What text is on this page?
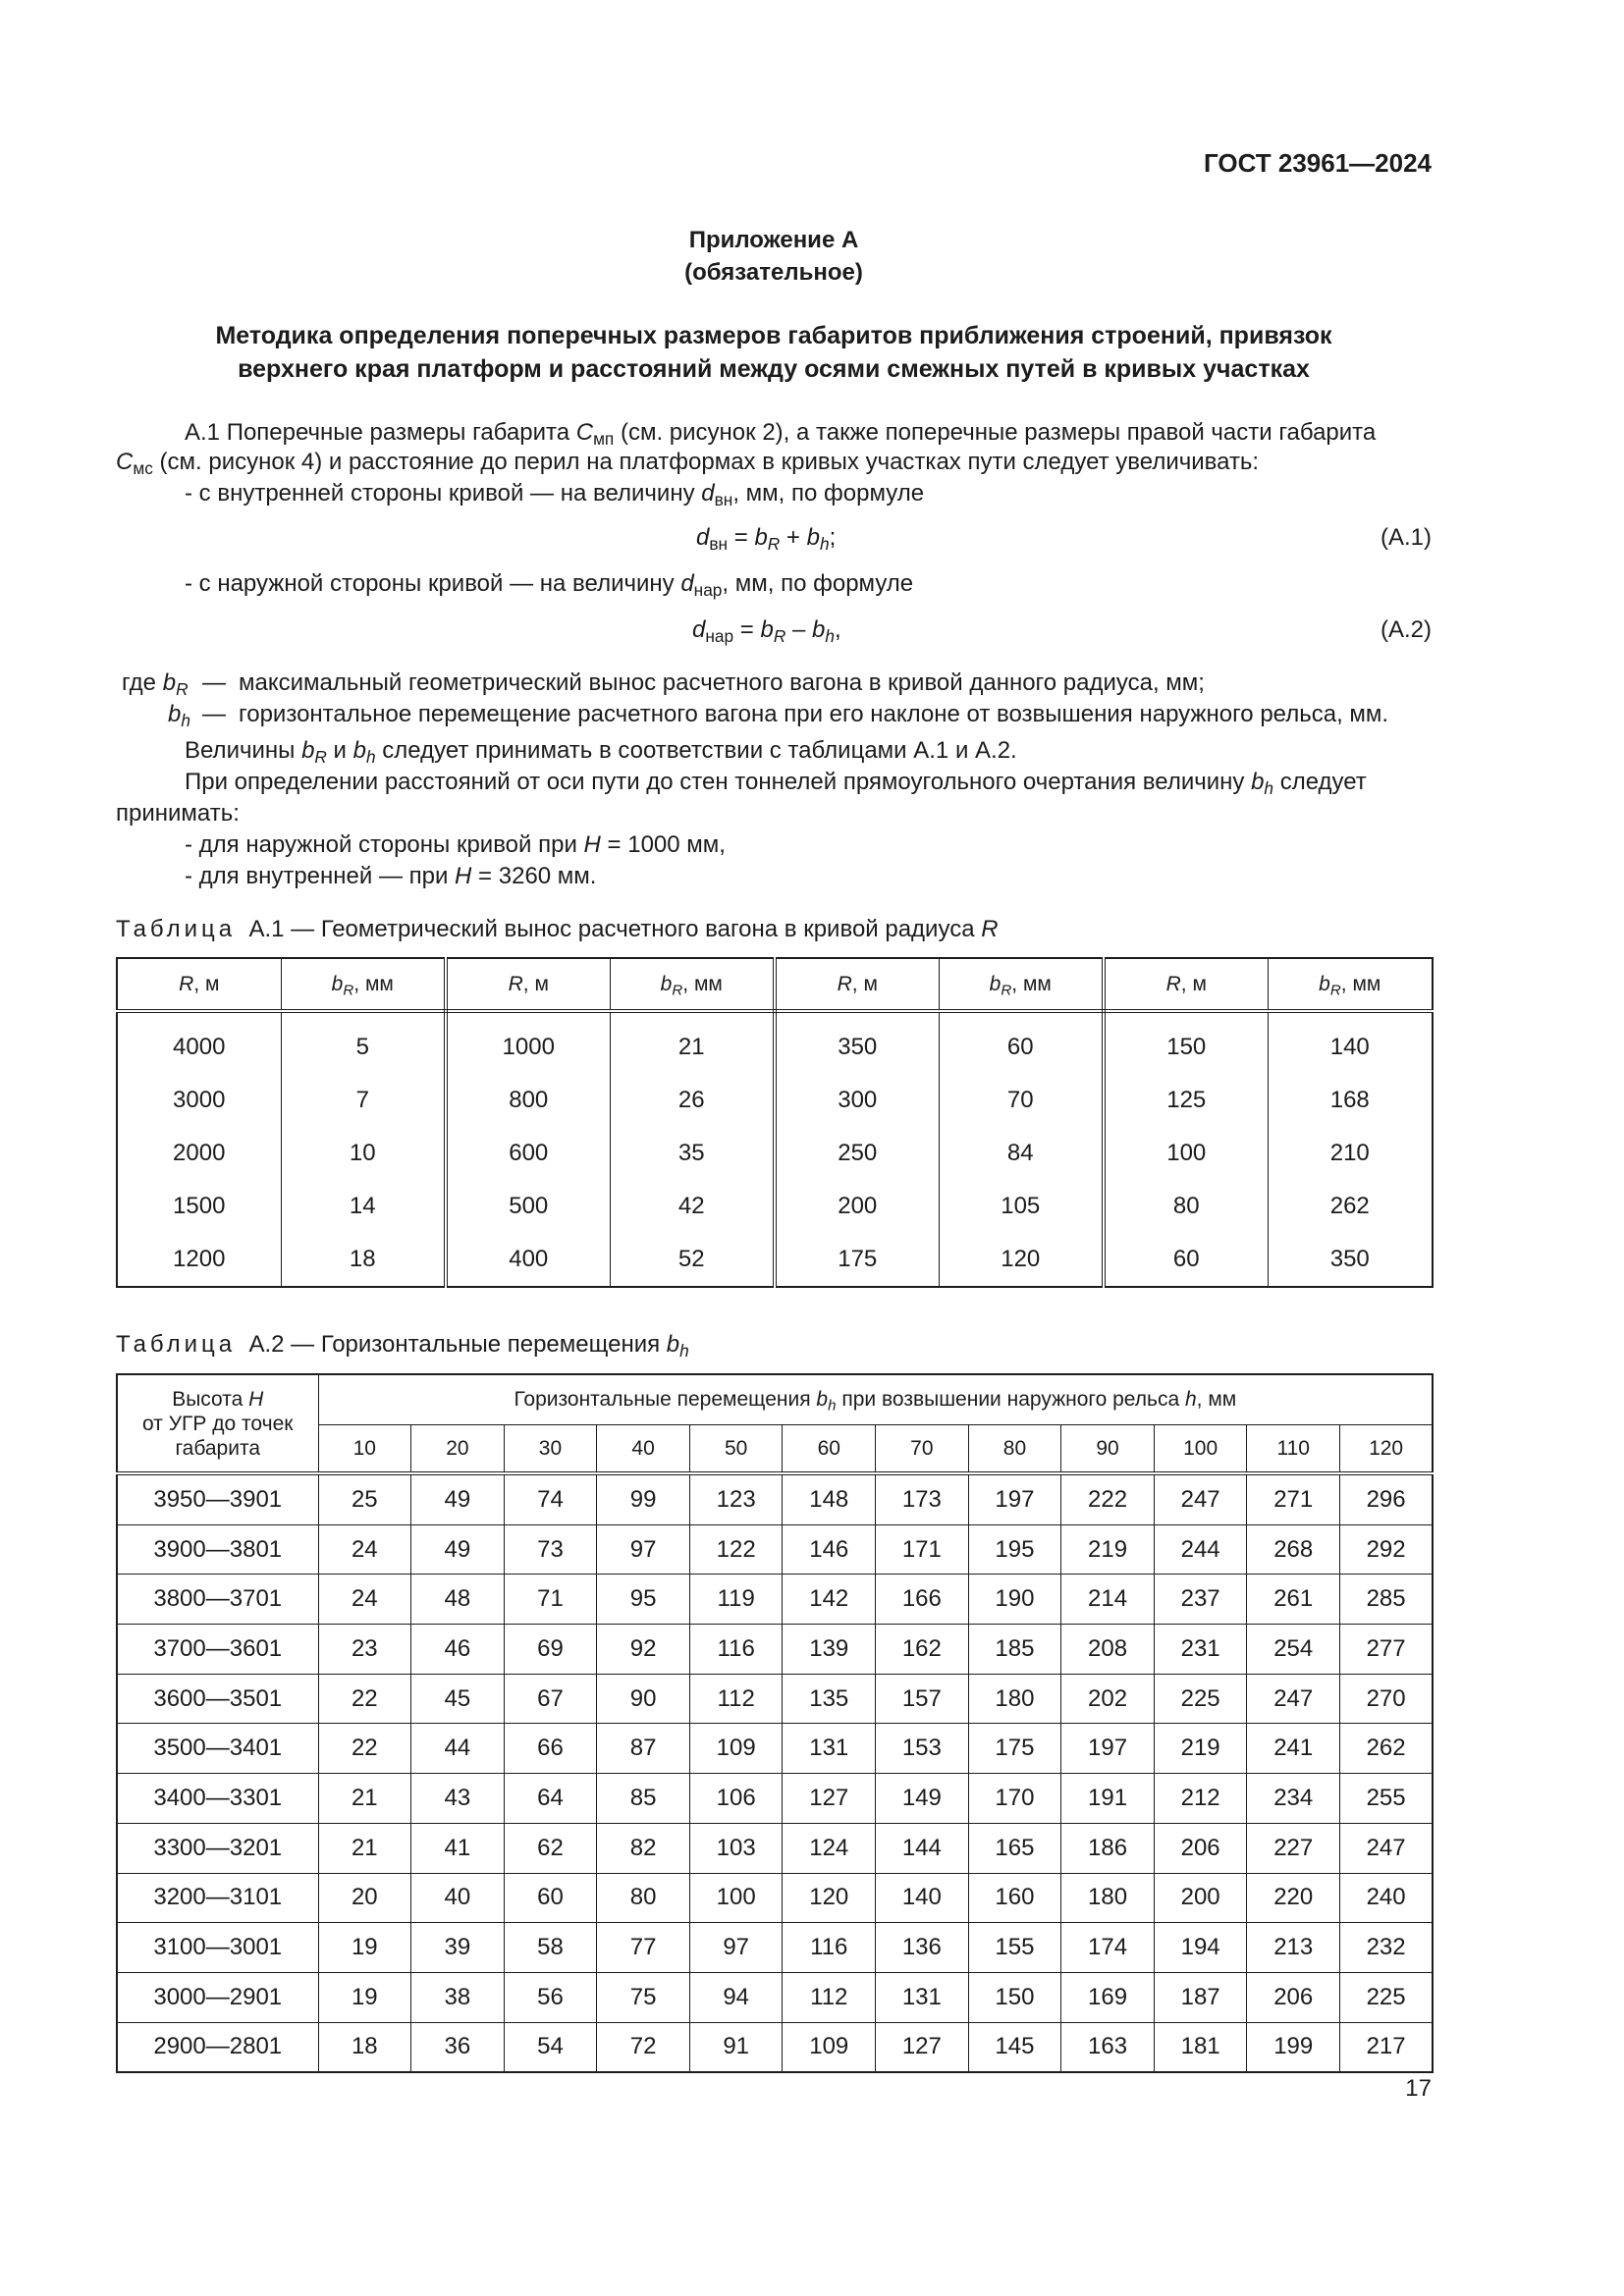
ГОСТ 23961—2024
Приложение А
(обязательное)
Методика определения поперечных размеров габаритов приближения строений, привязок
верхнего края платформ и расстояний между осями смежных путей в кривых участках
А.1 Поперечные размеры габарита $С_{мп}$ (см. рисунок 2), а также поперечные размеры правой части габарита
$С_{мс}$ (см. рисунок 4) и расстояние до перил на платформах в кривых участках пути следует увеличивать:
- с внутренней стороны кривой — на величину $d_{вн}$, мм, по формуле
$d_{вн} = b_R + b_h$;	(А.1)
- с наружной стороны кривой — на величину $d_{нар}$, мм, по формуле
$d_{нар} = b_R - b_h$,	(А.2)
где $b_R$ — максимальный геометрический вынос расчетного вагона в кривой данного радиуса, мм;
$b_h$ — горизонтальное перемещение расчетного вагона при его наклоне от возвышения наружного рельса, мм.
Величины $b_R$ и $b_h$ следует принимать в соответствии с таблицами А.1 и А.2.
При определении расстояний от оси пути до стен тоннелей прямоугольного очертания величину $b_h$ следует
принимать:
- для наружной стороны кривой при Н = 1000 мм,
- для внутренней — при Н = 3260 мм.
Таблица А.1 — Геометрический вынос расчетного вагона в кривой радиуса R
R, м	$b_R$, мм	R, м	$b_R$, мм	R, м	$b_R$, мм	R, м	$b_R$, мм
4000	5	1000	21	350	60	150	140
3000	7	800	26	300	70	125	168
2000	10	600	35	250	84	100	210
1500	14	500	42	200	105	80	262
1200	18	400	52	175	120	60	350
Таблица А.2 — Горизонтальные перемещения $b_h$
Высота Н
от УГР до точек
габарита	Горизонтальные перемещения $b_h$ при возвышении наружного рельса h, мм											
	10	20	30	40	50	60	70	80	90	100	110	120
3950—3901	25	49	74	99	123	148	173	197	222	247	271	296
3900—3801	24	49	73	97	122	146	171	195	219	244	268	292
3800—3701	24	48	71	95	119	142	166	190	214	237	261	285
3700—3601	23	46	69	92	116	139	162	185	208	231	254	277
3600—3501	22	45	67	90	112	135	157	180	202	225	247	270
3500—3401	22	44	66	87	109	131	153	175	197	219	241	262
3400—3301	21	43	64	85	106	127	149	170	191	212	234	255
3300—3201	21	41	62	82	103	124	144	165	186	206	227	247
3200—3101	20	40	60	80	100	120	140	160	180	200	220	240
3100—3001	19	39	58	77	97	116	136	155	174	194	213	232
3000—2901	19	38	56	75	94	112	131	150	169	187	206	225
2900—2801	18	36	54	72	91	109	127	145	163	181	199	217
17
